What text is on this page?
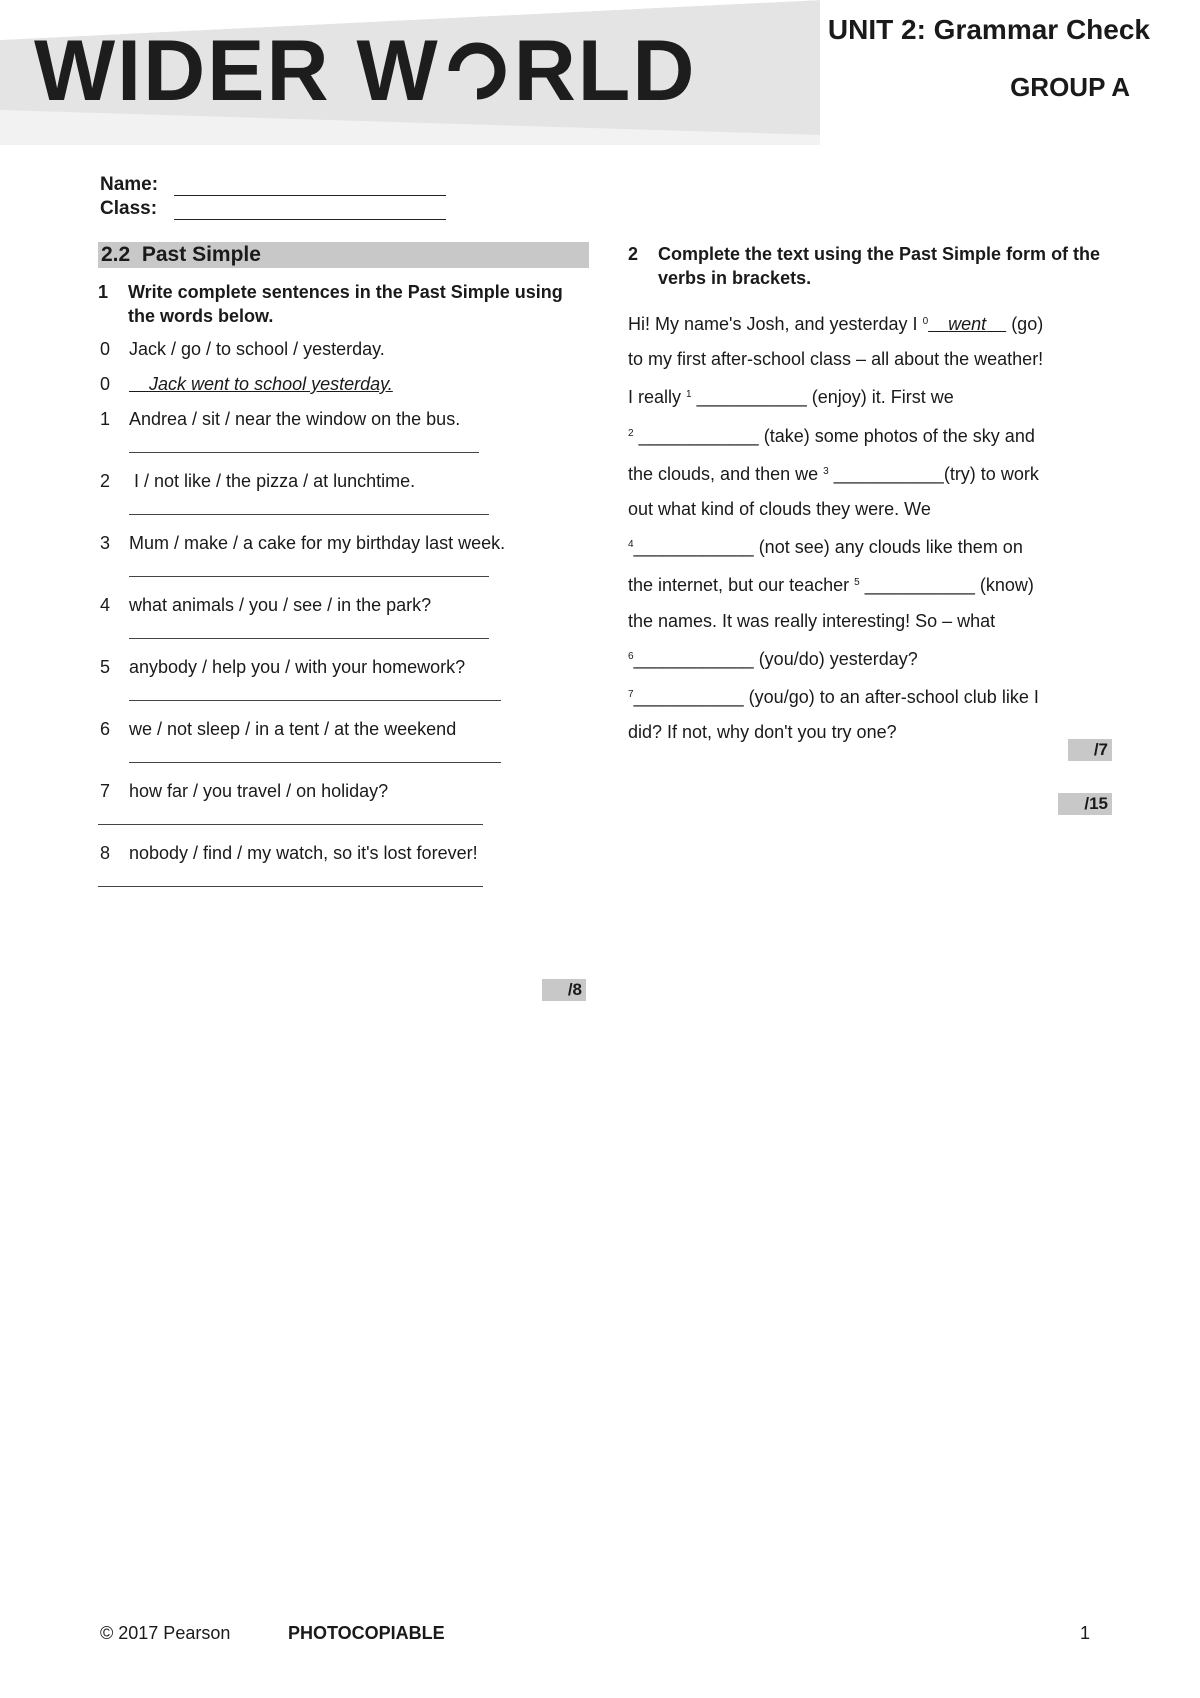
WIDER W RLD	UNIT 2: Grammar Check
GROUP A
Name:
Class:
2.2 Past Simple
1	Write complete sentences in the Past Simple using the words below.
0 Jack / go / to school / yesterday.
0	Jack went to school yesterday.
1 Andrea / sit / near the window on the bus.
2 I / not like / the pizza / at lunchtime.
3 Mum / make / a cake for my birthday last week.
4 what animals / you / see / in the park?
5 anybody / help you / with your homework?
6 we / not sleep / in a tent / at the weekend
7 how far / you travel / on holiday?
8 nobody / find / my watch, so it's lost forever!
/8
2	Complete the text using the Past Simple form of the verbs in brackets.
Hi! My name's Josh, and yesterday I $^0$ went     (go)
to my first after-school class – all about the weather!
I really $^1$ ___________ (enjoy) it. First we
$^2$ ____________ (take) some photos of the sky and
the clouds, and then we $^3$ ___________(try) to work
out what kind of clouds they were. We
$^4$____________ (not see) any clouds like them on
the internet, but our teacher $^5$ ___________ (know)
the names. It was really interesting! So – what
$^6$____________ (you/do) yesterday?
$^7$___________ (you/go) to an after-school club like I
did? If not, why don't you try one?
/7
/15
© 2017 Pearson	PHOTOCOPIABLE	1
